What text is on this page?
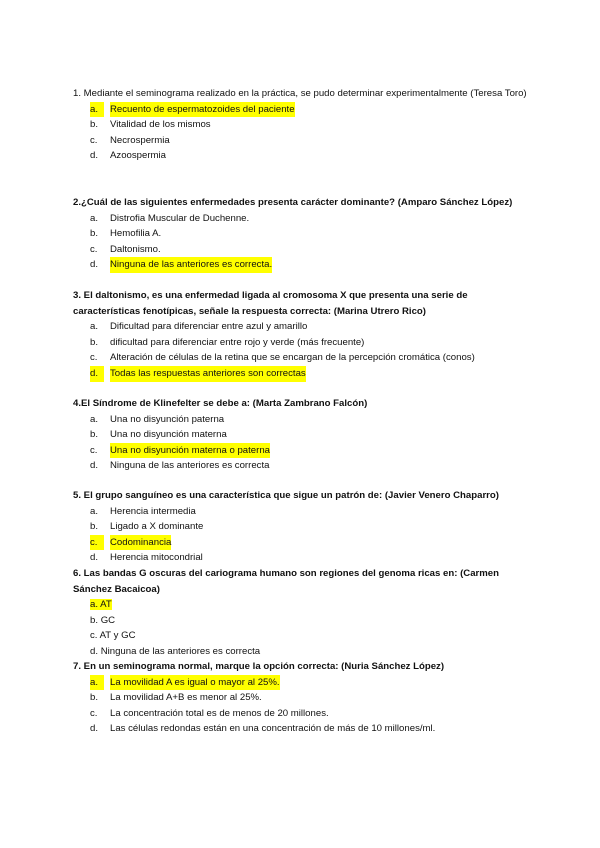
1. Mediante el seminograma realizado en la práctica, se pudo determinar experimentalmente (Teresa Toro)

a.	Recuento de espermatozoides del paciente
b.	Vitalidad de los mismos
c.	Necrospermia
d.	Azoospermia

2.¿Cuál de las siguientes enfermedades presenta carácter dominante? (Amparo Sánchez López)

a.	Distrofia Muscular de Duchenne.
b.	Hemofilia A.
c.	Daltonismo.
d.	Ninguna de las anteriores es correcta.

3. El daltonismo, es una enfermedad ligada al cromosoma X que presenta una serie de características fenotípicas, señale la respuesta correcta: (Marina Utrero Rico)

a.	Dificultad para diferenciar entre azul y amarillo
b.	dificultad para diferenciar entre rojo y verde (más frecuente)
c.	Alteración de células de la retina que se encargan de la percepción cromática (conos)
d.	Todas las respuestas anteriores son correctas

4.El Síndrome de Klinefelter se debe a: (Marta Zambrano Falcón)

a.	Una no disyunción paterna
b.	Una no disyunción materna
c.	Una no disyunción materna o paterna
d.	Ninguna de las anteriores es correcta

5. El grupo sanguíneo es una característica que sigue un patrón de: (Javier Venero Chaparro)

a.	Herencia intermedia
b.	Ligado a X dominante
c.	Codominancia
d.	Herencia mitocondrial

6. Las bandas G oscuras del cariograma humano son regiones del genoma ricas en: (Carmen Sánchez Bacaicoa)

a. AT
b. GC
c. AT y GC
d. Ninguna de las anteriores es correcta

7. En un seminograma normal, marque la opción correcta: (Nuria Sánchez López)

a.	La movilidad A es igual o mayor al 25%.
b.	La movilidad A+B es menor al 25%.
c.	La concentración total es de menos de 20 millones.
d.	Las células redondas están en una concentración de más de 10 millones/ml.
